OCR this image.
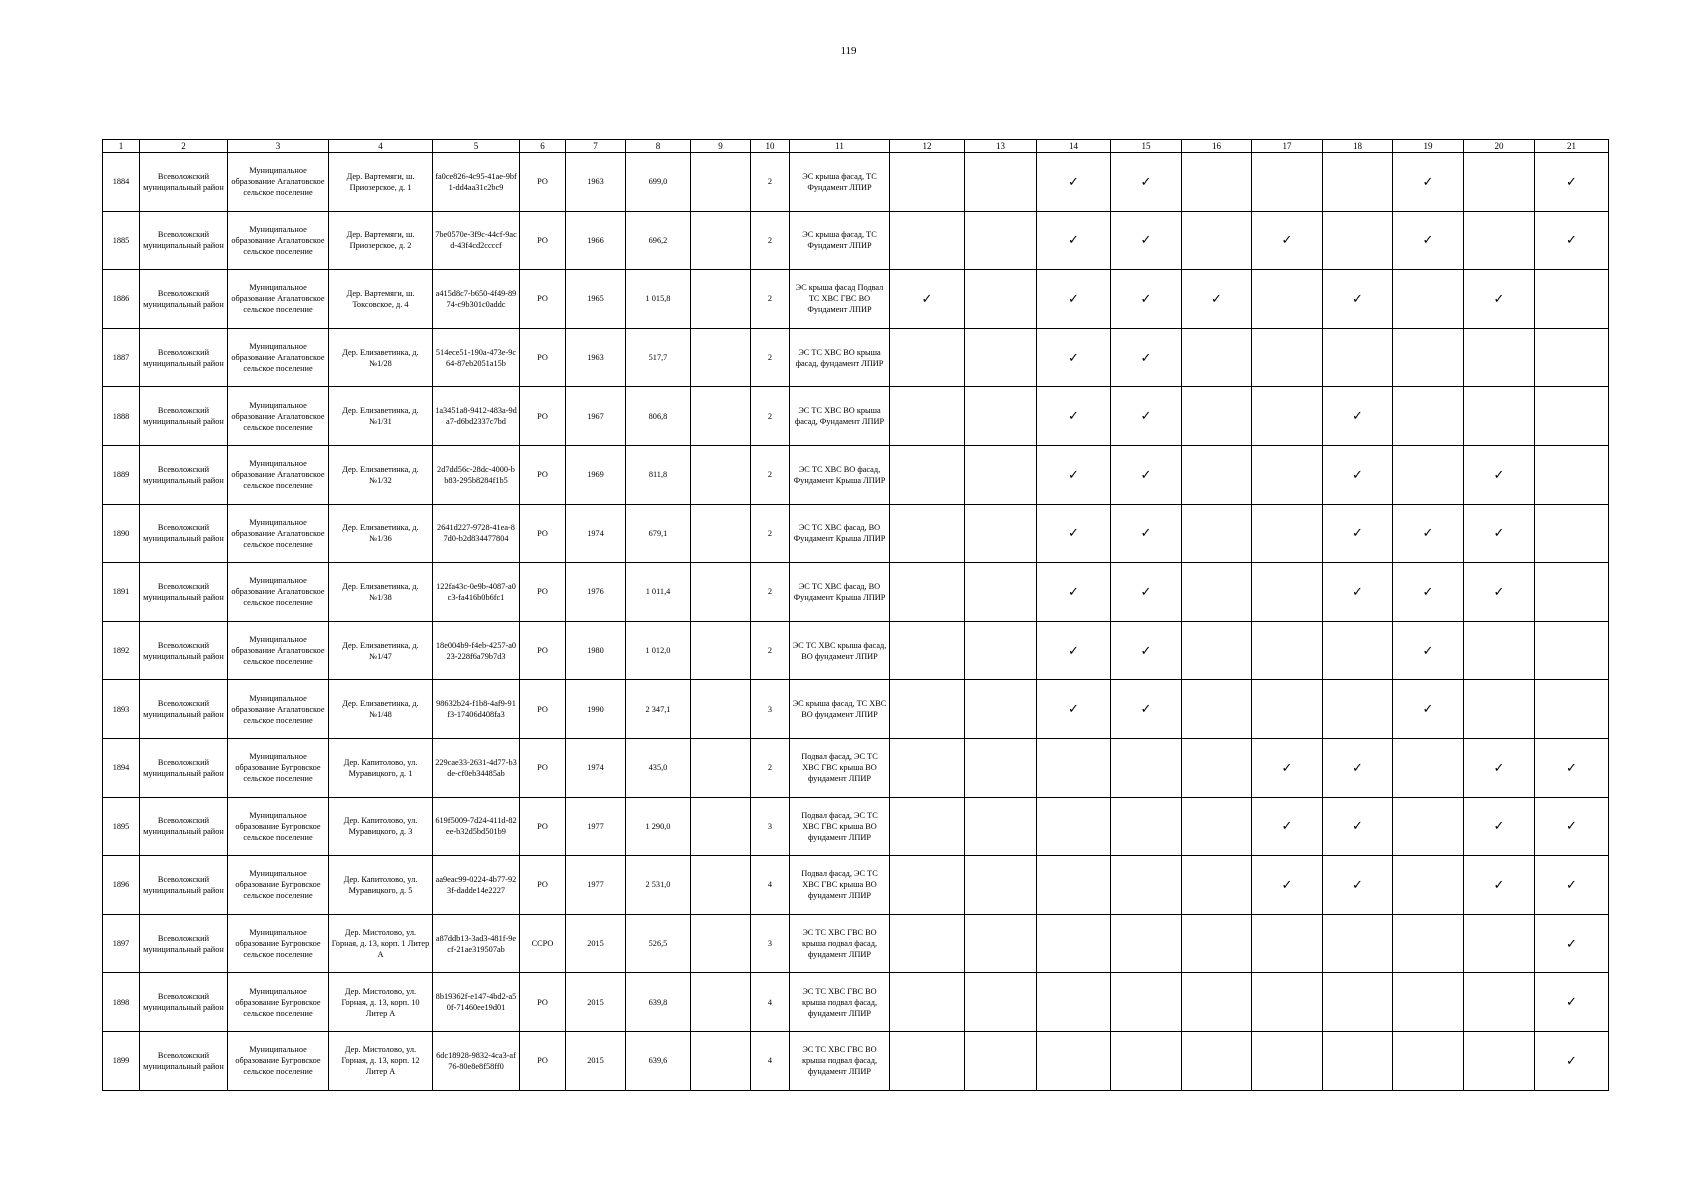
119
1	2	3	4	5	6	7	8	9	10	11	12	13	14	15	16	17	18	19	20	21
1884	Всеволожский муниципальный район	Муниципальное образование Агалатовское сельское поселение	Дер. Вартемяги, ш. Приозерское, д. 1	fa0ce826-4c95-41ae-9bf1-dd4aa31c2bc9	РО	1963	699,0		2	ЭС крыша фасад, ТС Фундамент ЛПИР			✓	✓				✓		✓
1885	Всеволожский муниципальный район	Муниципальное образование Агалатовское сельское поселение	Дер. Вартемяги, ш. Приозерское, д. 2	7be0570e-3f9c-44cf-9acd-43f4cd2ccccf	РО	1966	696,2		2	ЭС крыша фасад, ТС Фундамент ЛПИР			✓	✓		✓		✓		✓
1886	Всеволожский муниципальный район	Муниципальное образование Агалатовское сельское поселение	Дер. Вартемяги, ш. Токсовское, д. 4	a415d8c7-b650-4f49-8974-c9b301c0addc	РО	1965	1 015,8		2	ЭС крыша фасад Подвал ТС ХВС ГВС ВО Фундамент ЛПИР	✓		✓	✓	✓		✓		✓	
1887	Всеволожский муниципальный район	Муниципальное образование Агалатовское сельское поселение	Дер. Елизаветинка, д. №1/28	514ece51-190a-473e-9c64-87eb2051a15b	РО	1963	517,7		2	ЭС ТС ХВС ВО крыша фасад, фундамент ЛПИР			✓	✓						
1888	Всеволожский муниципальный район	Муниципальное образование Агалатовское сельское поселение	Дер. Елизаветинка, д. №1/31	1a3451a8-9412-483a-9da7-d6bd2337c7bd	РО	1967	806,8		2	ЭС ТС ХВС ВО крыша фасад, Фундамент ЛПИР			✓	✓			✓			
1889	Всеволожский муниципальный район	Муниципальное образование Агалатовское сельское поселение	Дер. Елизаветинка, д. №1/32	2d7dd56c-28dc-4000-bb83-295b8284f1b5	РО	1969	811,8		2	ЭС ТС ХВС ВО фасад, Фундамент Крыша ЛПИР			✓	✓			✓		✓	
1890	Всеволожский муниципальный район	Муниципальное образование Агалатовское сельское поселение	Дер. Елизаветинка, д. №1/36	2641d227-9728-41ea-87d0-b2d834477804	РО	1974	679,1		2	ЭС ТС ХВС фасад, ВО Фундамент Крыша ЛПИР			✓	✓			✓	✓	✓	
1891	Всеволожский муниципальный район	Муниципальное образование Агалатовское сельское поселение	Дер. Елизаветинка, д. №1/38	122fa43c-0e9b-4087-a0c3-fa416b0b6fc1	РО	1976	1 011,4		2	ЭС ТС ХВС фасад, ВО Фундамент Крыша ЛПИР			✓	✓			✓	✓	✓	
1892	Всеволожский муниципальный район	Муниципальное образование Агалатовское сельское поселение	Дер. Елизаветинка, д. №1/47	18e004b9-f4eb-4257-a023-228f6a79b7d3	РО	1980	1 012,0		2	ЭС ТС ХВС крыша фасад, ВО фундамент ЛПИР			✓	✓				✓		
1893	Всеволожский муниципальный район	Муниципальное образование Агалатовское сельское поселение	Дер. Елизаветинка, д. №1/48	98632b24-f1b8-4af9-91f3-17406d408fa3	РО	1990	2 347,1		3	ЭС крыша фасад, ТС ХВС ВО фундамент ЛПИР			✓	✓				✓		
1894	Всеволожский муниципальный район	Муниципальное образование Бугровское сельское поселение	Дер. Капитолово, ул. Муравицкого, д. 1	229cae33-2631-4d77-b3de-cf0eb34485ab	РО	1974	435,0		2	Подвал фасад, ЭС ТС ХВС ГВС крыша ВО фундамент ЛПИР						✓	✓		✓	✓
1895	Всеволожский муниципальный район	Муниципальное образование Бугровское сельское поселение	Дер. Капитолово, ул. Муравицкого, д. 3	619f5009-7d24-411d-82ee-b32d5bd501b9	РО	1977	1 290,0		3	Подвал фасад, ЭС ТС ХВС ГВС крыша ВО фундамент ЛПИР						✓	✓		✓	✓
1896	Всеволожский муниципальный район	Муниципальное образование Бугровское сельское поселение	Дер. Капитолово, ул. Муравицкого, д. 5	aa9eac99-0224-4b77-923f-dadde14e2227	РО	1977	2 531,0		4	Подвал фасад, ЭС ТС ХВС ГВС крыша ВО фундамент ЛПИР						✓	✓		✓	✓
1897	Всеволожский муниципальный район	Муниципальное образование Бугровское сельское поселение	Дер. Мистолово, ул. Горная, д. 13, корп. 1 Литер А	a87ddb13-3ad3-481f-9ecf-21ae319507ab	ССРО	2015	526,5		3	ЭС ТС ХВС ГВС ВО крыша подвал фасад, фундамент ЛПИР										✓
1898	Всеволожский муниципальный район	Муниципальное образование Бугровское сельское поселение	Дер. Мистолово, ул. Горная, д. 13, корп. 10 Литер А	8b19362f-e147-4bd2-a50f-71460ee19d01	РО	2015	639,8		4	ЭС ТС ХВС ГВС ВО крыша подвал фасад, фундамент ЛПИР										✓
1899	Всеволожский муниципальный район	Муниципальное образование Бугровское сельское поселение	Дер. Мистолово, ул. Горная, д. 13, корп. 12 Литер А	6dc18928-9832-4ca3-af76-80e8e8f58ff0	РО	2015	639,6		4	ЭС ТС ХВС ГВС ВО крыша подвал фасад, фундамент ЛПИР										✓
